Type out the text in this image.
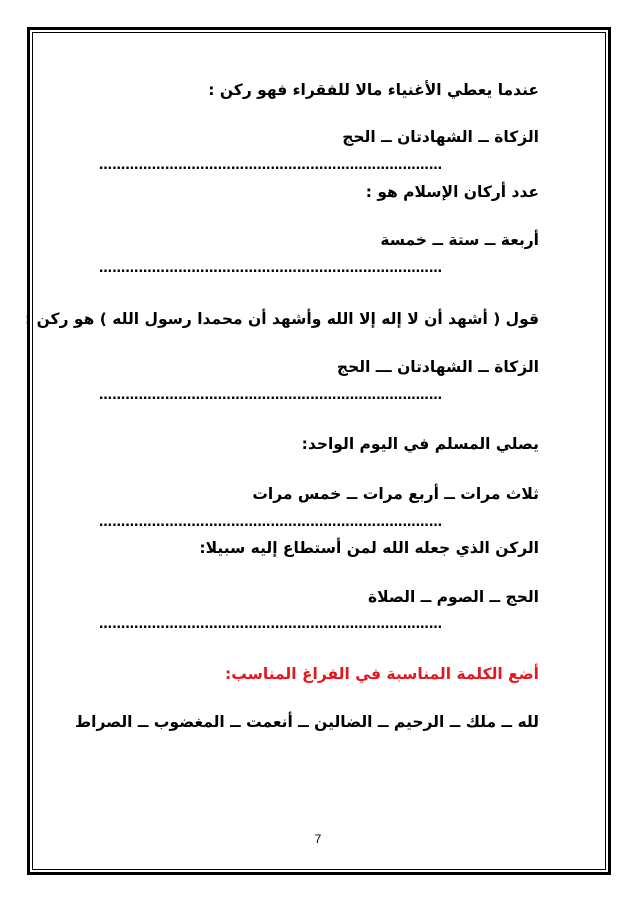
عندما يعطي الأغنياء مالا للفقراء فهو ركن :
الزكاة ــ الشهادتان ــ الحج
……………………………………………………………………
عدد أركان الإسلام هو :
أربعة ــ ستة ــ خمسة
……………………………………………………………………
قول ( أشهد أن لا إله إلا الله وأشهد أن محمدا رسول الله ) هو ركن :
الزكاة ــ الشهادتان ـــ الحج
……………………………………………………………………
يصلي المسلم في اليوم الواحد:
ثلاث مرات ــ أربع مرات ــ خمس مرات
……………………………………………………………………
الركن الذي جعله الله لمن أستطاع إليه سبيلا:
الحج ــ الصوم ــ الصلاة
……………………………………………………………………
أضع الكلمة المناسبة في الفراغ المناسب:
لله ــ ملك ــ الرحيم ــ الضالين ــ أنعمت ــ المغضوب ــ الصراط
7
